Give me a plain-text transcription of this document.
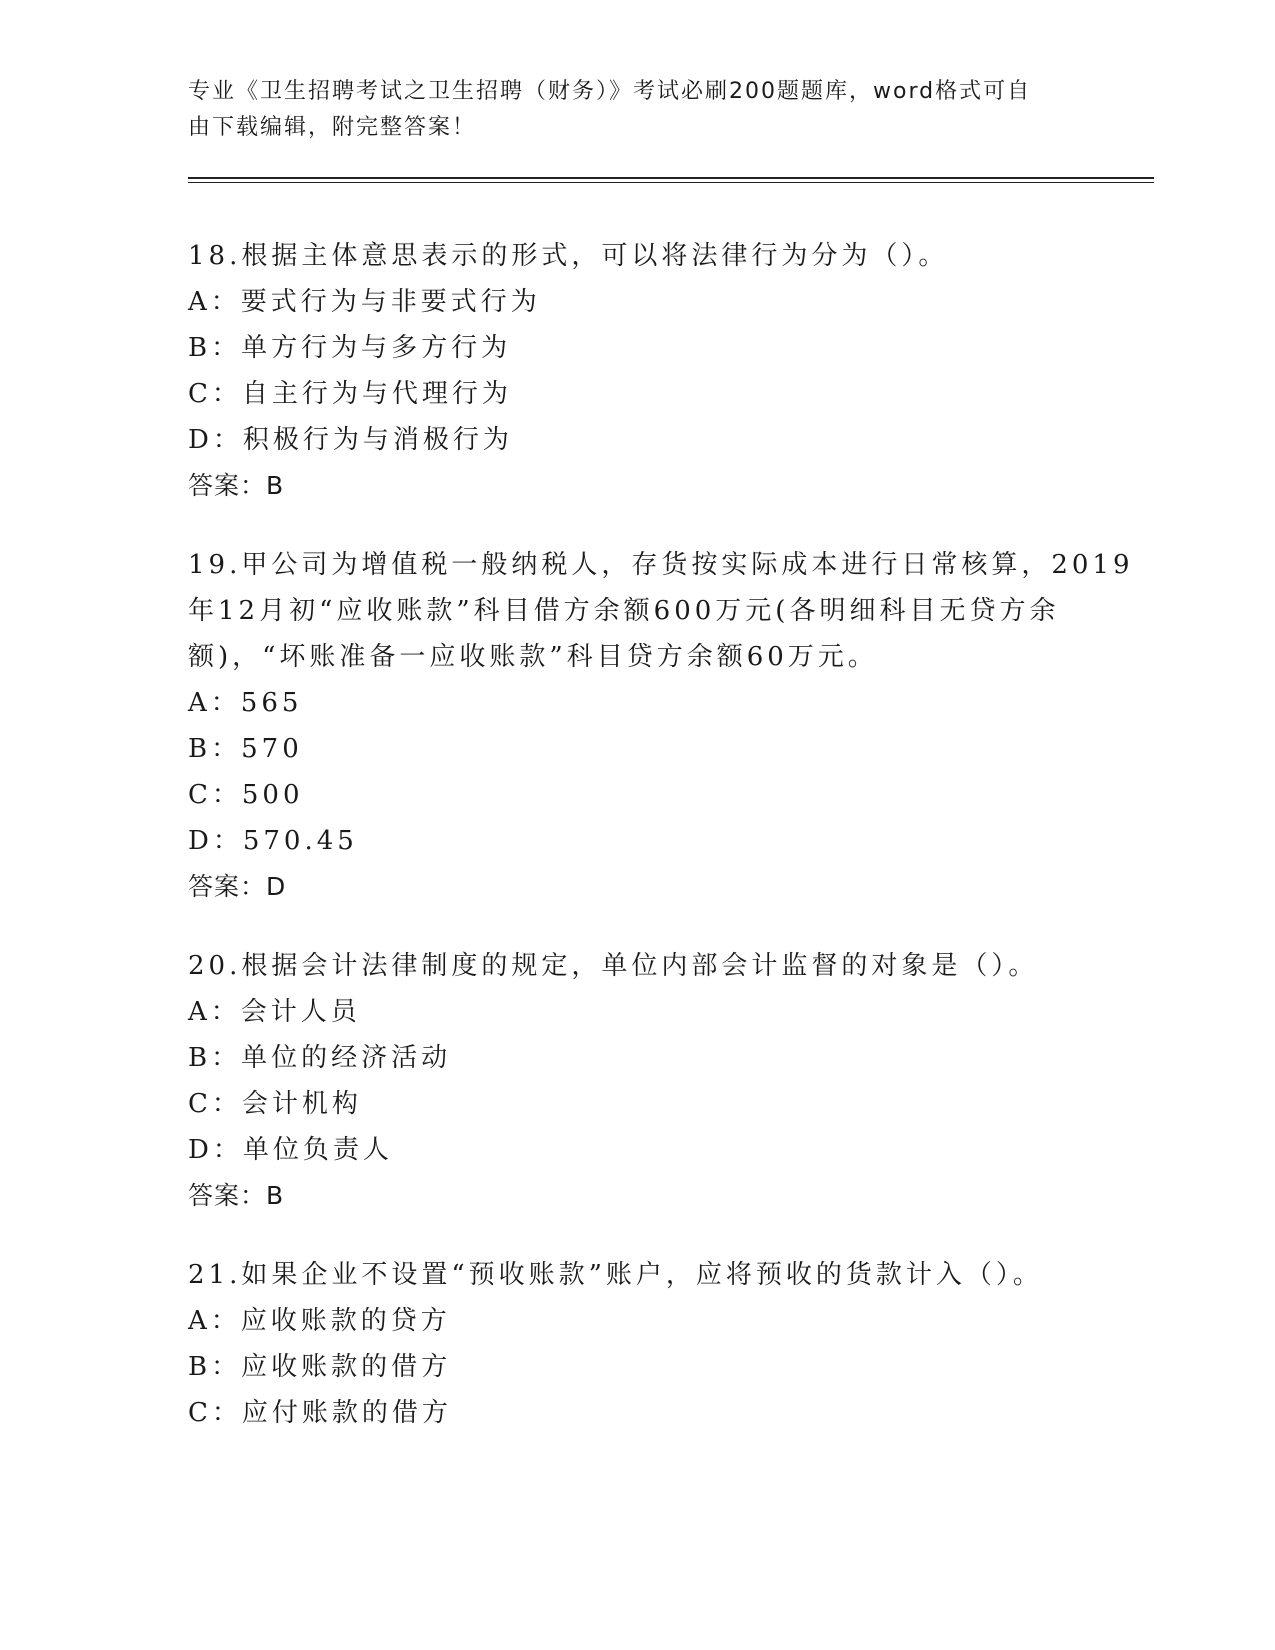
专业《卫生招聘考试之卫生招聘（财务）》考试必刷200题题库，word格式可自
由下载编辑，附完整答案！
18.根据主体意思表示的形式，可以将法律行为分为（）。
A：要式行为与非要式行为
B：单方行为与多方行为
C：自主行为与代理行为
D：积极行为与消极行为
答案：B
19.甲公司为增值税一般纳税人，存货按实际成本进行日常核算，2019
年12月初“应收账款”科目借方余额600万元(各明细科目无贷方余
额)，“坏账准备一应收账款”科目贷方余额60万元。
A：565
B：570
C：500
D：570.45
答案：D
20.根据会计法律制度的规定，单位内部会计监督的对象是（）。
A：会计人员
B：单位的经济活动
C：会计机构
D：单位负责人
答案：B
21.如果企业不设置“预收账款”账户，应将预收的货款计入（）。
A：应收账款的贷方
B：应收账款的借方
C：应付账款的借方
